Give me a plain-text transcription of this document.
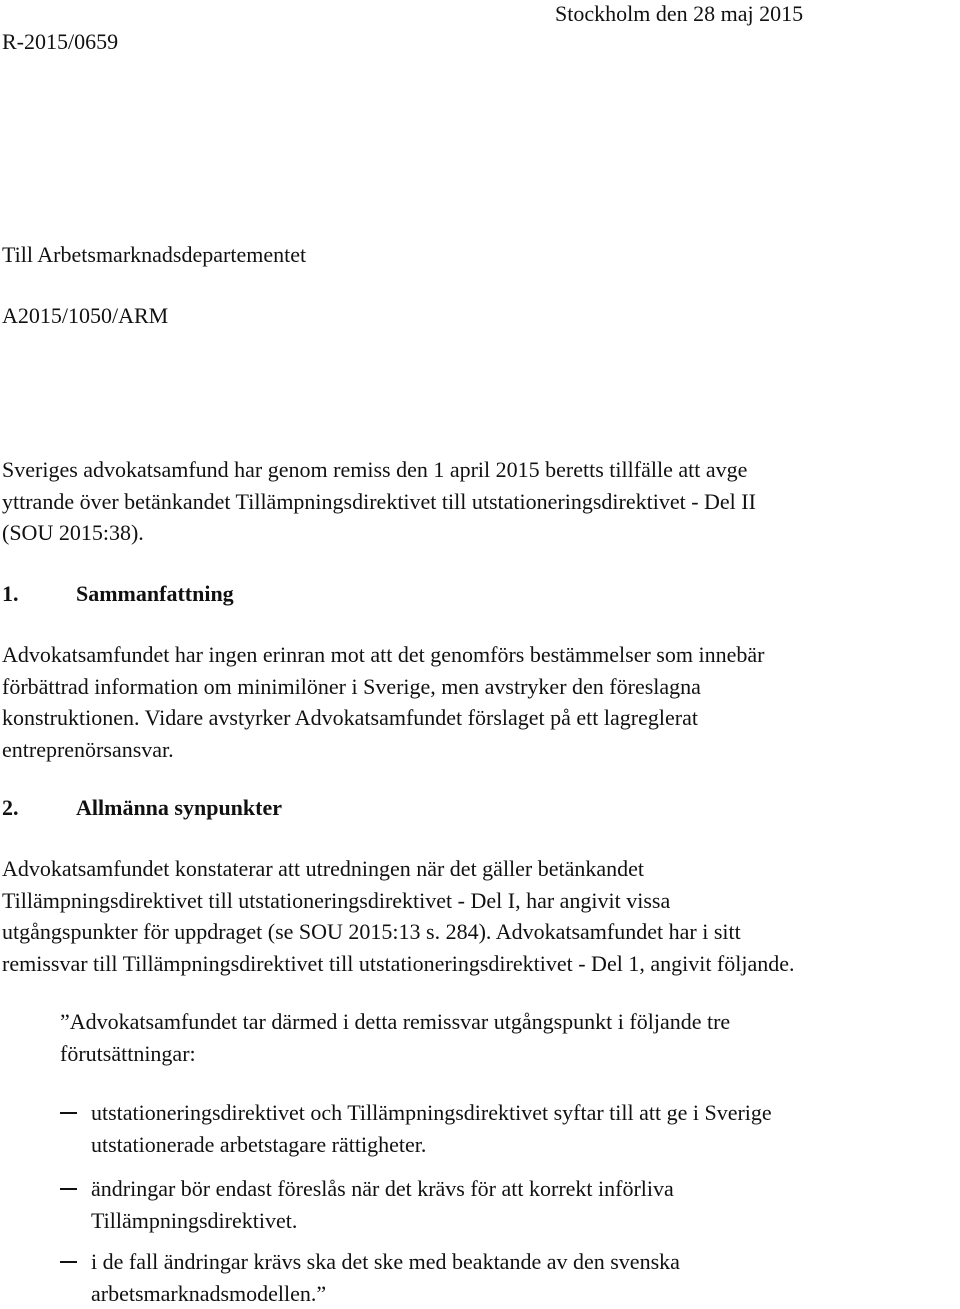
Stockholm den 28 maj 2015
R-2015/0659
Till Arbetsmarknadsdepartementet
A2015/1050/ARM
Sveriges advokatsamfund har genom remiss den 1 april 2015 beretts tillfälle att avge
yttrande över betänkandet Tillämpningsdirektivet till utstationeringsdirektivet - Del II
(SOU 2015:38).
1.	Sammanfattning
Advokatsamfundet har ingen erinran mot att det genomförs bestämmelser som innebär
förbättrad information om minimilöner i Sverige, men avstryker den föreslagna
konstruktionen. Vidare avstyrker Advokatsamfundet förslaget på ett lagreglerat
entreprenörsansvar.
2.	Allmänna synpunkter
Advokatsamfundet konstaterar att utredningen när det gäller betänkandet
Tillämpningsdirektivet till utstationeringsdirektivet - Del I, har angivit vissa
utgångspunkter för uppdraget (se SOU 2015:13 s. 284). Advokatsamfundet har i sitt
remissvar till Tillämpningsdirektivet till utstationeringsdirektivet - Del 1, angivit följande.
”Advokatsamfundet tar därmed i detta remissvar utgångspunkt i följande tre
förutsättningar:
utstationeringsdirektivet och Tillämpningsdirektivet syftar till att ge i Sverige
utstationerade arbetstagare rättigheter.
ändringar bör endast föreslås när det krävs för att korrekt införliva
Tillämpningsdirektivet.
i de fall ändringar krävs ska det ske med beaktande av den svenska
arbetsmarknadsmodellen.”
